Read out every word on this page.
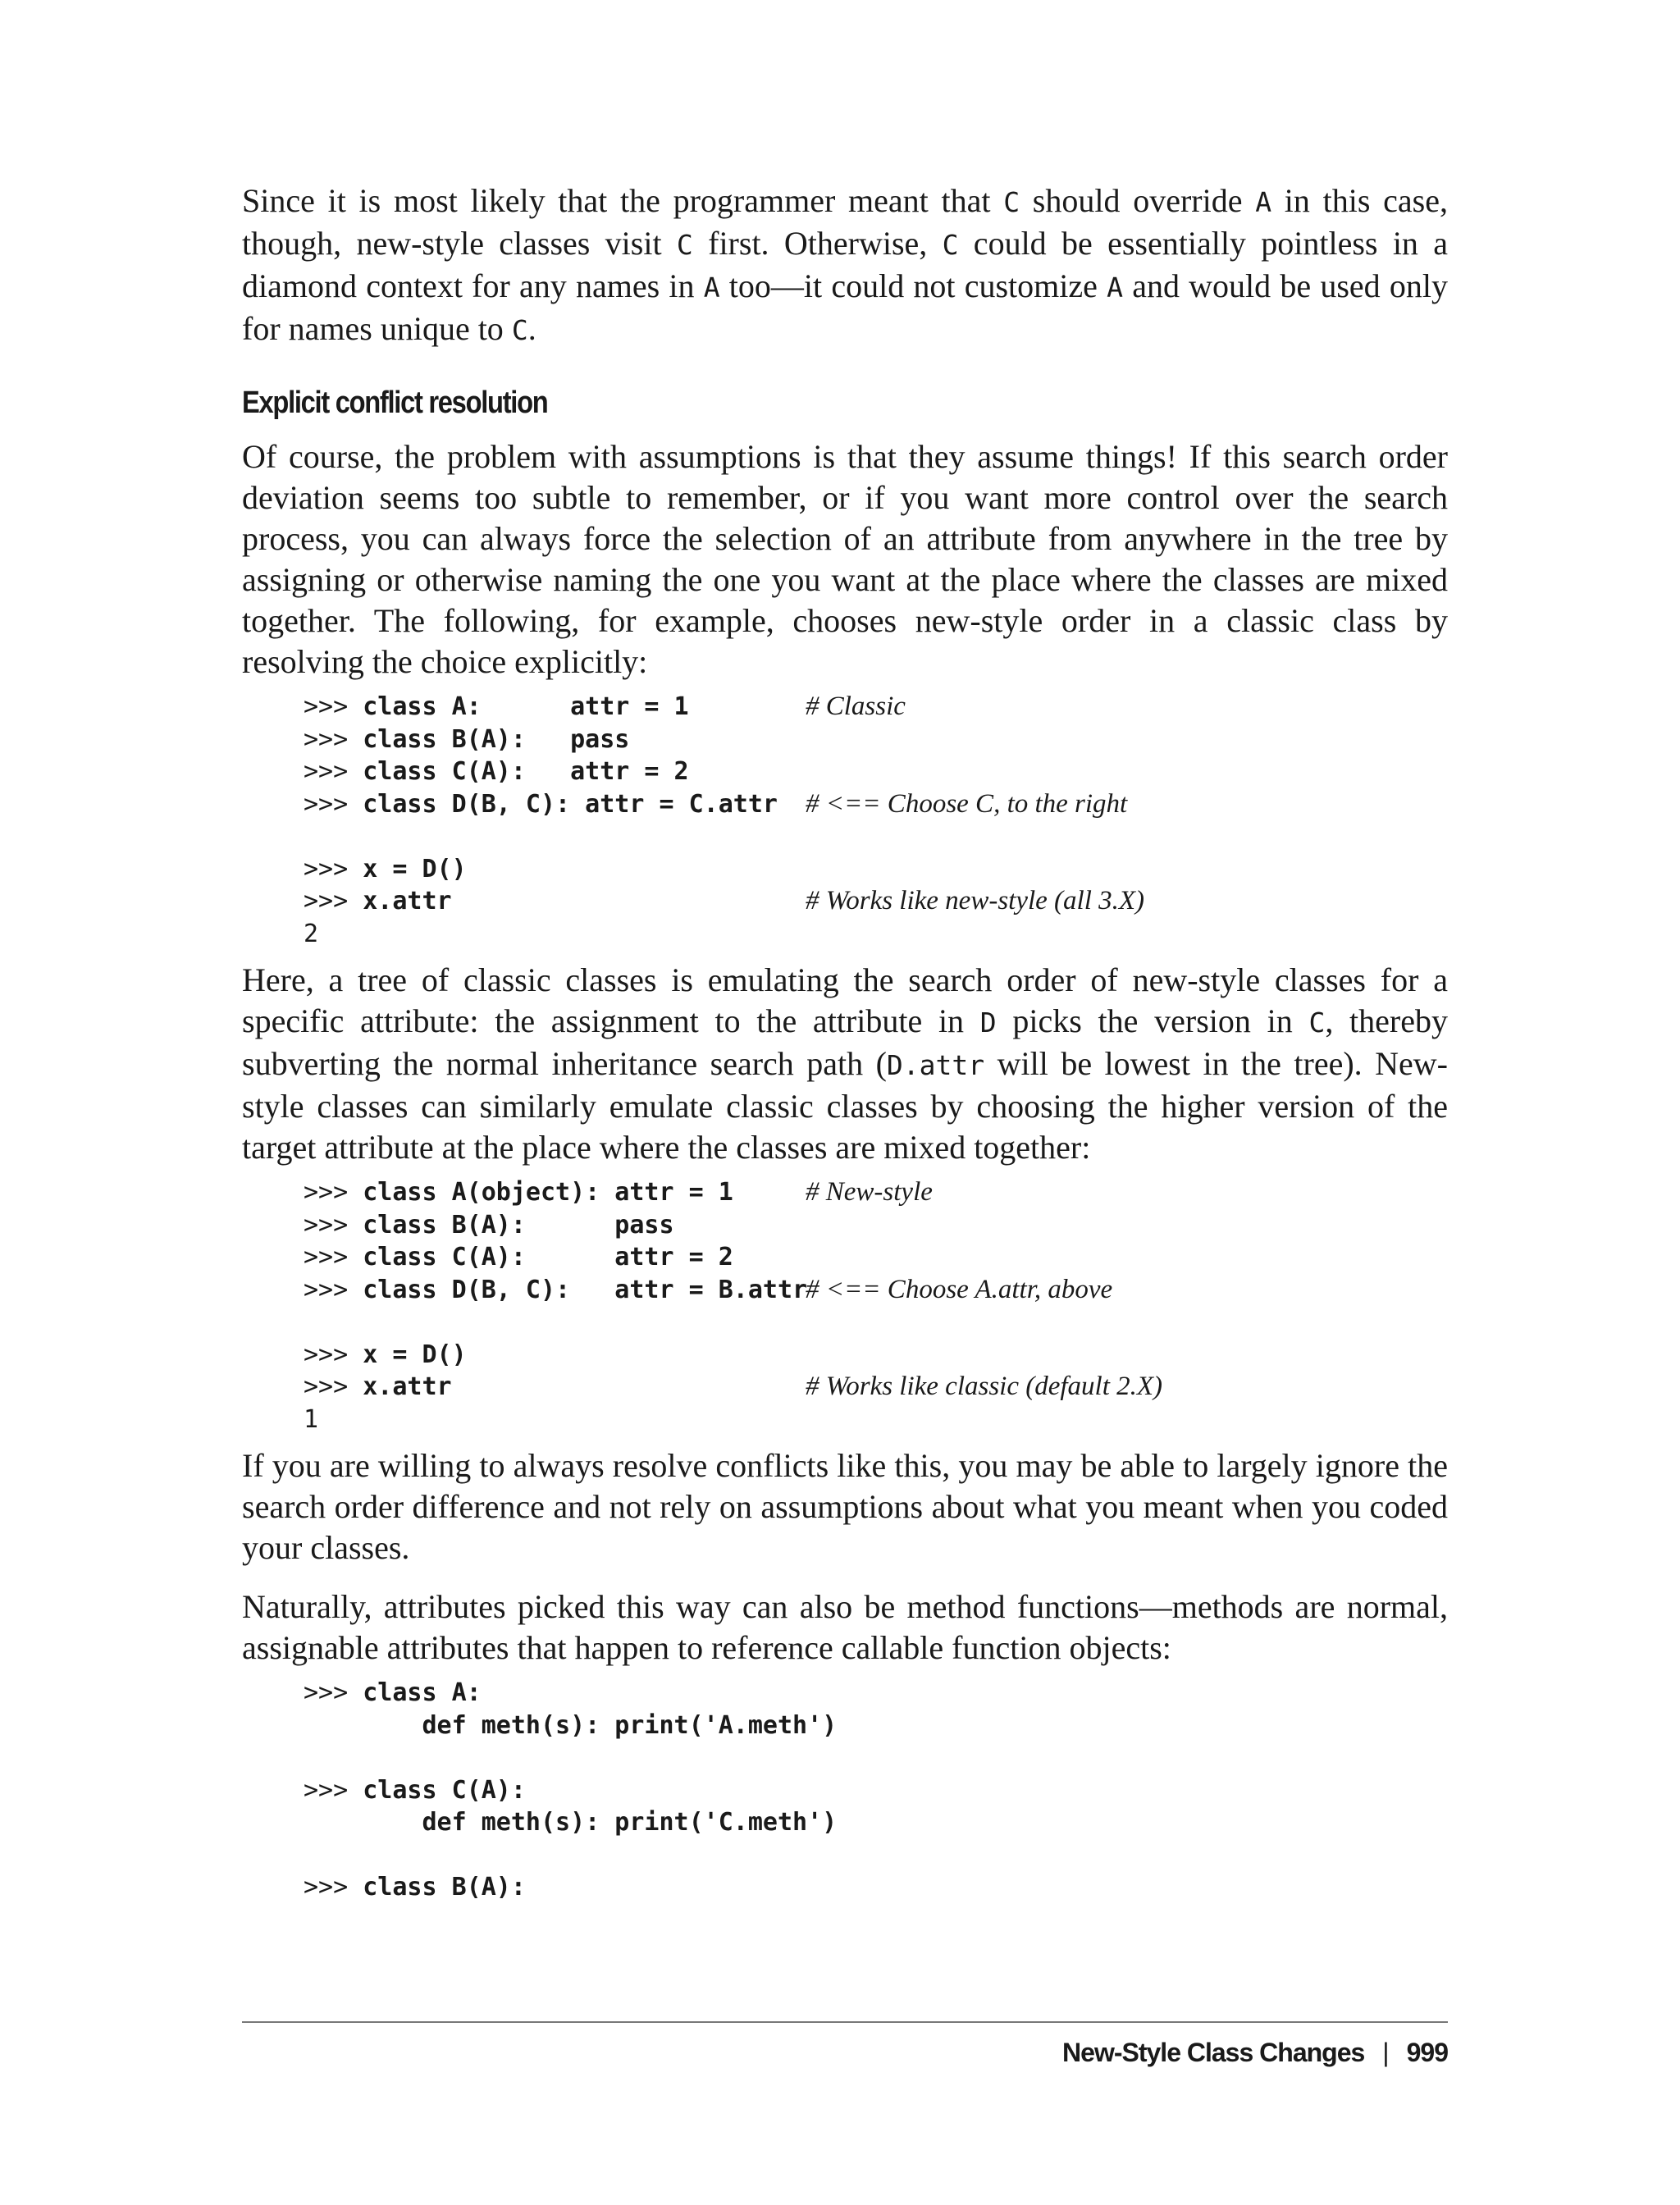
Since it is most likely that the programmer meant that C should override A in this case, though, new-style classes visit C first. Otherwise, C could be essentially pointless in a diamond context for any names in A too—it could not customize A and would be used only for names unique to C.

Explicit conflict resolution

Of course, the problem with assumptions is that they assume things! If this search order deviation seems too subtle to remember, or if you want more control over the search process, you can always force the selection of an attribute from anywhere in the tree by assigning or otherwise naming the one you want at the place where the classes are mixed together. The following, for example, chooses new-style order in a classic class by resolving the choice explicitly:

>>> class A:      attr = 1	# Classic
>>> class B(A):   pass
>>> class C(A):   attr = 2
>>> class D(B, C): attr = C.attr # <== Choose C, to the right
>>> x = D()
>>> x.attr	# Works like new-style (all 3.X)
2

Here, a tree of classic classes is emulating the search order of new-style classes for a specific attribute: the assignment to the attribute in D picks the version in C, thereby subverting the normal inheritance search path (D.attr will be lowest in the tree). New-style classes can similarly emulate classic classes by choosing the higher version of the target attribute at the place where the classes are mixed together:

>>> class A(object): attr = 1	# New-style
>>> class B(A):      pass
>>> class C(A):      attr = 2
>>> class D(B, C):   attr = B.attr
# <== Choose A.attr, above
>>> x = D()
>>> x.attr	# Works like classic (default 2.X)
1

If you are willing to always resolve conflicts like this, you may be able to largely ignore the search order difference and not rely on assumptions about what you meant when you coded your classes.

Naturally, attributes picked this way can also be method functions—methods are normal, assignable attributes that happen to reference callable function objects:

>>> class A:
def meth(s): print('A.meth')
>>> class C(A):
def meth(s): print('C.meth')
>>> class B(A):
New-Style Class Changes | 999
